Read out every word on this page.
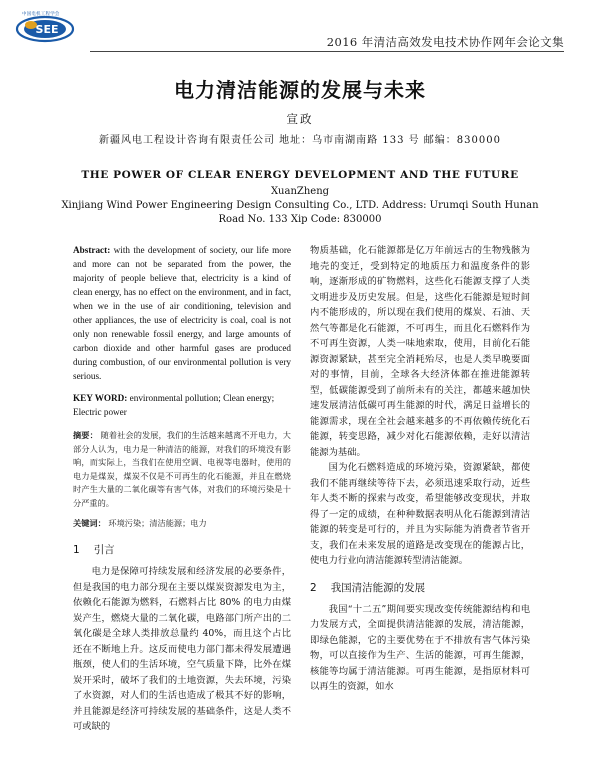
SEE
中国电机工程学会
2016 年清洁高效发电技术协作网年会论文集
电力清洁能源的发展与未来
宣政
新疆风电工程设计咨询有限责任公司 地址：乌市南湖南路 133 号 邮编：830000
THE POWER OF CLEAR ENERGY DEVELOPMENT AND THE FUTURE
XuanZheng
Xinjiang Wind Power Engineering Design Consulting Co., LTD. Address: Urumqi South Hunan
Road No. 133 Xip Code: 830000

Abstract: with the development of society, our life more and more can not be separated from the power, the majority of people believe that, electricity is a kind of clean energy, has no effect on the environment, and in fact, when we in the use of air conditioning, television and other appliances, the use of electricity is coal, coal is not only non renewable fossil energy, and large amounts of carbon dioxide and other harmful gases are produced during combustion, of our environmental pollution is very serious.

KEY WORD: environmental pollution; Clean energy; Electric power

摘要： 随着社会的发展，我们的生活越来越离不开电力，大部分人认为，电力是一种清洁的能源，对我们的环境没有影响，而实际上，当我们在使用空调、电视等电器时，使用的电力是煤炭，煤炭不仅是不可再生的化石能源，并且在燃烧时产生大量的二氧化碳等有害气体，对我们的环境污染是十分严重的。

关键词： 环境污染；清洁能源；电力

1 引言

电力是保障可持续发展和经济发展的必要条件，但是我国的电力部分现在主要以煤炭资源发电为主，依赖化石能源为燃料，石燃料占比 80% 的电力由煤炭产生，燃烧大量的二氧化碳，电路部门所产出的二氧化碳是全球人类排放总量约 40%，而且这个占比还在不断地上升。这反而使电力部门都未得发展遭遇瓶颈，使人们的生活环境，空气质量下降，比外在煤炭开采时，破坏了我们的土地资源，失去环境，污染了水资源，对人们的生活也造成了极其不好的影响，并且能源是经济可持续发展的基础条件，这是人类不可或缺的

物质基础，化石能源都是亿万年前远古的生物残骸为地壳的变迁，受到特定的地质压力和温度条件的影响，逐渐形成的矿物燃料，这些化石能源支撑了人类文明进步及历史发展。但是，这些化石能源是短时间内不能形成的，所以现在我们使用的煤炭、石油、天然气等都是化石能源，不可再生，而且化石燃料作为不可再生资源，人类一味地索取，使用，目前化石能源资源紧缺，甚至完全消耗殆尽，也是人类早晚要面对的事情，目前，全球各大经济体都在推进能源转型，低碳能源受到了前所未有的关注，都越来越加快速发展清洁低碳可再生能源的时代，满足日益增长的能源需求，现在全社会越来越多的不再依赖传统化石能源，转变思路，减少对化石能源依赖，走好以清洁能源为基础。

国为化石燃料造成的环境污染，资源紧缺，都使我们不能再继续等待下去，必须迅速采取行动，近些年人类不断的探索与改变，希望能够改变现状，并取得了一定的成绩，在种种数据表明从化石能源到清洁能源的转变是可行的，并且为实际能为消费者节省开支，我们在未来发展的道路是改变现在的能源占比，使电力行业向清洁能源转型清洁能源。

2 我国清洁能源的发展

我国“十二五”期间要实现改变传统能源结构和电力发展方式，全面提供清洁能源的发展，清洁能源，即绿色能源，它的主要优势在于不排放有害气体污染物，可以直接作为生产、生活的能源，可再生能源，核能等均属于清洁能源。可再生能源，是指原材料可以再生的资源，如水
